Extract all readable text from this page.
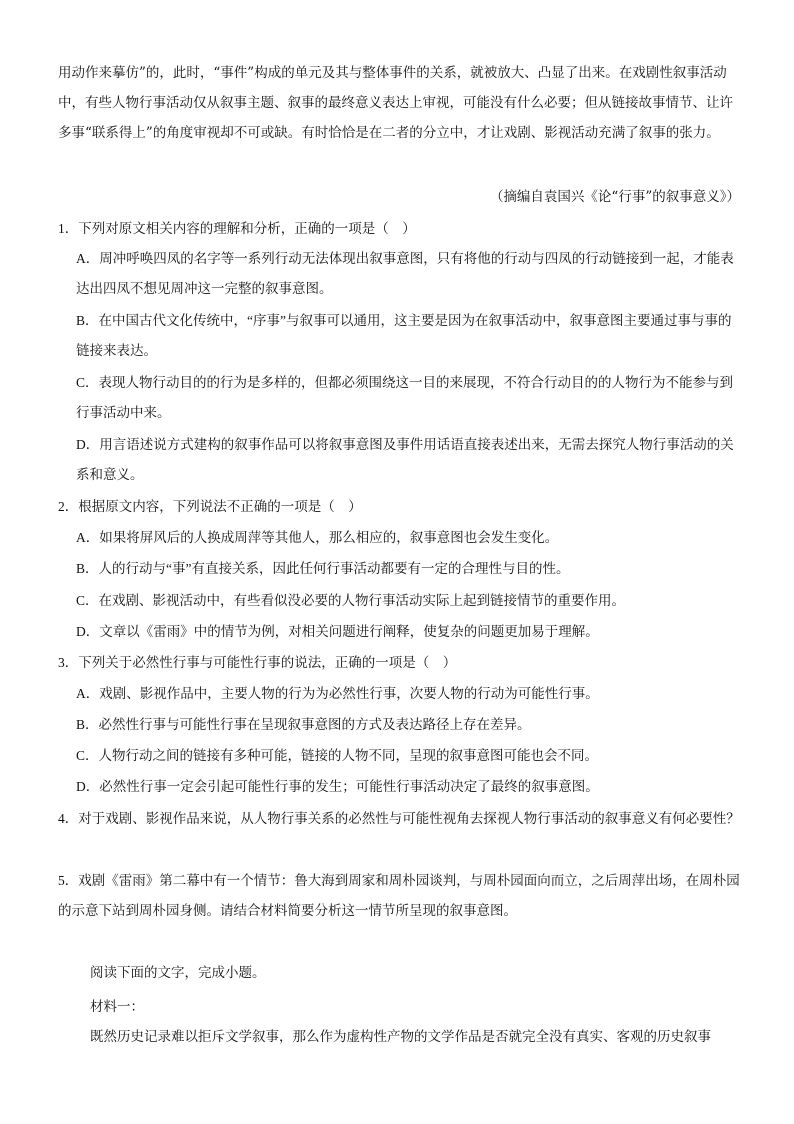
用动作来摹仿”的，此时，“事件”构成的单元及其与整体事件的关系，就被放大、凸显了出来。在戏剧性叙事活动中，有些人物行事活动仅从叙事主题、叙事的最终意义表达上审视，可能没有什么必要；但从链接故事情节、让许多事“联系得上”的角度审视却不可或缺。有时恰恰是在二者的分立中，才让戏剧、影视活动充满了叙事的张力。
（摘编自袁国兴《论“行事”的叙事意义》）
1．下列对原文相关内容的理解和分析，正确的一项是（　）
A．周冲呼唤四凤的名字等一系列行动无法体现出叙事意图，只有将他的行动与四凤的行动链接到一起，才能表达出四凤不想见周冲这一完整的叙事意图。
B．在中国古代文化传统中，“序事”与叙事可以通用，这主要是因为在叙事活动中，叙事意图主要通过事与事的链接来表达。
C．表现人物行动目的的行为是多样的，但都必须围绕这一目的来展现，不符合行动目的的人物行为不能参与到行事活动中来。
D．用言语述说方式建构的叙事作品可以将叙事意图及事件用话语直接表述出来，无需去探究人物行事活动的关系和意义。
2．根据原文内容，下列说法不正确的一项是（　）
A．如果将屏风后的人换成周萍等其他人，那么相应的，叙事意图也会发生变化。
B．人的行动与“事”有直接关系，因此任何行事活动都要有一定的合理性与目的性。
C．在戏剧、影视活动中，有些看似没必要的人物行事活动实际上起到链接情节的重要作用。
D．文章以《雷雨》中的情节为例，对相关问题进行阐释，使复杂的问题更加易于理解。
3．下列关于必然性行事与可能性行事的说法，正确的一项是（　）
A．戏剧、影视作品中，主要人物的行为为必然性行事，次要人物的行动为可能性行事。
B．必然性行事与可能性行事在呈现叙事意图的方式及表达路径上存在差异。
C．人物行动之间的链接有多种可能，链接的人物不同，呈现的叙事意图可能也会不同。
D．必然性行事一定会引起可能性行事的发生；可能性行事活动决定了最终的叙事意图。
4．对于戏剧、影视作品来说，从人物行事关系的必然性与可能性视角去探视人物行事活动的叙事意义有何必要性？
5．戏剧《雷雨》第二幕中有一个情节：鲁大海到周家和周朴园谈判，与周朴园面向而立，之后周萍出场，在周朴园的示意下站到周朴园身侧。请结合材料简要分析这一情节所呈现的叙事意图。
阅读下面的文字，完成小题。
材料一：
既然历史记录难以拒斥文学叙事，那么作为虚构性产物的文学作品是否就完全没有真实、客观的历史叙事
